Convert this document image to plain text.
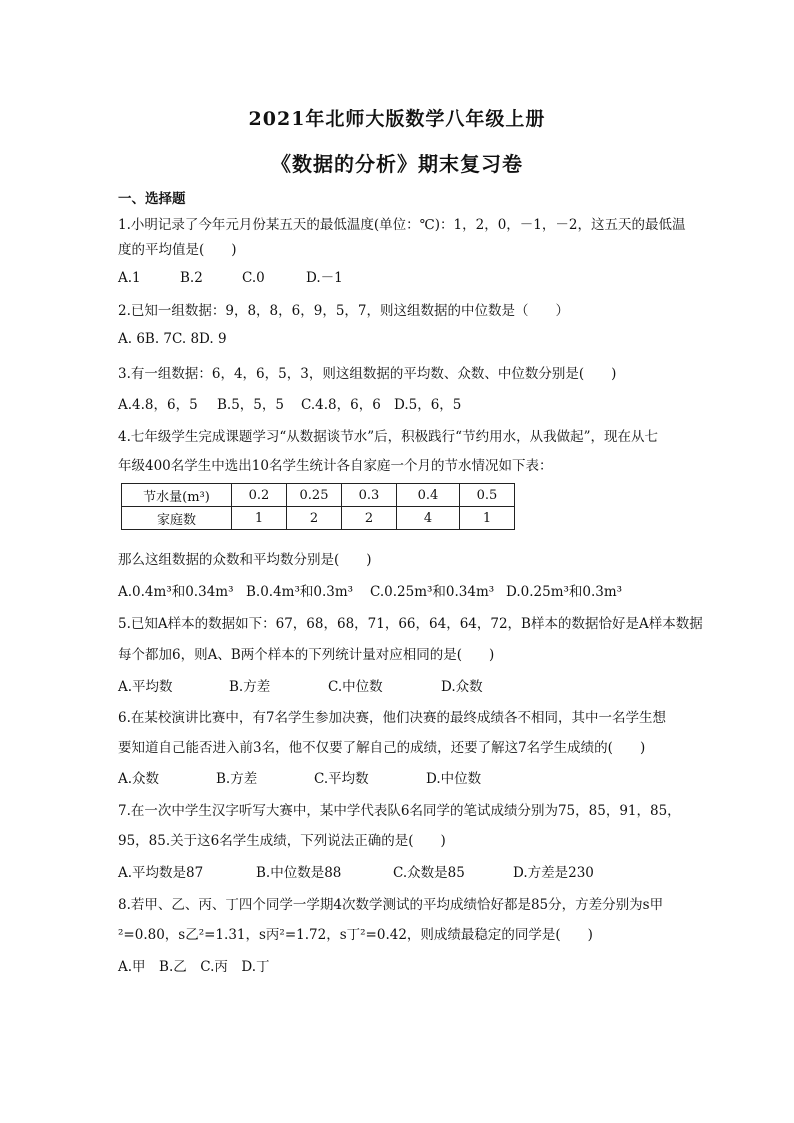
2021年北师大版数学八年级上册
《数据的分析》期末复习卷
一、选择题
1.小明记录了今年元月份某五天的最低温度(单位：℃)：1，2，0，－1，－2，这五天的最低温
度的平均值是(　　)
A.1	B.2	C.0	D.－1
2.已知一组数据：9，8，8，6，9，5，7，则这组数据的中位数是（　　）
A. 6B. 7C. 8D. 9
3.有一组数据：6，4，6，5，3，则这组数据的平均数、众数、中位数分别是(　　)
A.4.8，6，5 B.5，5，5 C.4.8，6，6 D.5，6，5
4.七年级学生完成课题学习“从数据谈节水”后，积极践行“节约用水，从我做起”，现在从七
年级400名学生中选出10名学生统计各自家庭一个月的节水情况如下表：
节水量(m³)	0.2	0.25	0.3	0.4	0.5
家庭数	1	2	2	4	1
那么这组数据的众数和平均数分别是(　　)
A.0.4m³和0.34m³ B.0.4m³和0.3m³ C.0.25m³和0.34m³ D.0.25m³和0.3m³
5.已知A样本的数据如下：67，68，68，71，66，64，64，72，B样本的数据恰好是A样本数据
每个都加6，则A、B两个样本的下列统计量对应相同的是(　　)
A.平均数	B.方差	C.中位数	D.众数
6.在某校演讲比赛中，有7名学生参加决赛，他们决赛的最终成绩各不相同，其中一名学生想
要知道自己能否进入前3名，他不仅要了解自己的成绩，还要了解这7名学生成绩的(　　)
A.众数	B.方差	C.平均数	D.中位数
7.在一次中学生汉字听写大赛中，某中学代表队6名同学的笔试成绩分别为75，85，91，85，
95，85.关于这6名学生成绩，下列说法正确的是(　　)
A.平均数是87	B.中位数是88	C.众数是85	D.方差是230
8.若甲、乙、丙、丁四个同学一学期4次数学测试的平均成绩恰好都是85分，方差分别为s甲
²=0.80，s乙²=1.31，s丙²=1.72，s丁²=0.42，则成绩最稳定的同学是(　　)
A.甲　B.乙　C.丙　D.丁
